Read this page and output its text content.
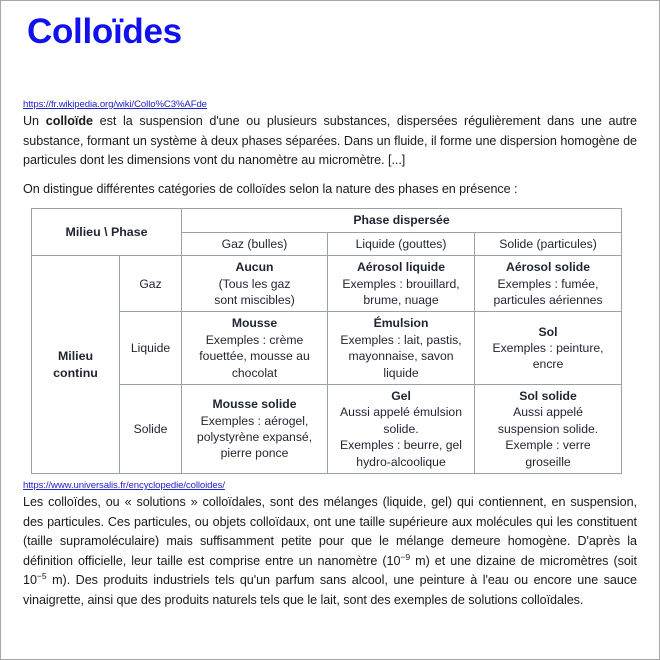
Colloïdes
https://fr.wikipedia.org/wiki/Collo%C3%AFde

Un colloïde est la suspension d'une ou plusieurs substances, dispersées régulièrement dans une autre substance, formant un système à deux phases séparées. Dans un fluide, il forme une dispersion homogène de particules dont les dimensions vont du nanomètre au micromètre. [...]

On distingue différentes catégories de colloïdes selon la nature des phases en présence :

Milieu \ Phase		Phase dispersée		
		Gaz (bulles)	Liquide (gouttes)	Solide (particules)

Milieu
continu	Gaz	Aucun
(Tous les gaz
sont miscibles)	Aérosol liquide
Exemples : brouillard,
brume, nuage	Aérosol solide
Exemples : fumée,
particules aériennes

	Liquide	Mousse
Exemples : crème
fouettée, mousse au
chocolat	Émulsion
Exemples : lait, pastis,
mayonnaise, savon
liquide	Sol
Exemples : peinture,
encre

	Solide	Mousse solide
Exemples : aérogel,
polystyrène expansé,
pierre ponce	Gel
Aussi appelé émulsion
solide.
Exemples : beurre, gel
hydro-alcoolique	Sol solide
Aussi appelé
suspension solide.
Exemple : verre
groseille
https://www.universalis.fr/encyclopedie/colloides/

Les colloïdes, ou « solutions » colloïdales, sont des mélanges (liquide, gel) qui contiennent, en suspension, des particules. Ces particules, ou objets colloïdaux, ont une taille supérieure aux molécules qui les constituent (taille supramoléculaire) mais suffisamment petite pour que le mélange demeure homogène. D'après la définition officielle, leur taille est comprise entre un nanomètre ($10^{-9}$ m) et une dizaine de micromètres (soit $10^{-5}$ m). Des produits industriels tels qu'un parfum sans alcool, une peinture à l'eau ou encore une sauce vinaigrette, ainsi que des produits naturels tels que le lait, sont des exemples de solutions colloïdales.
